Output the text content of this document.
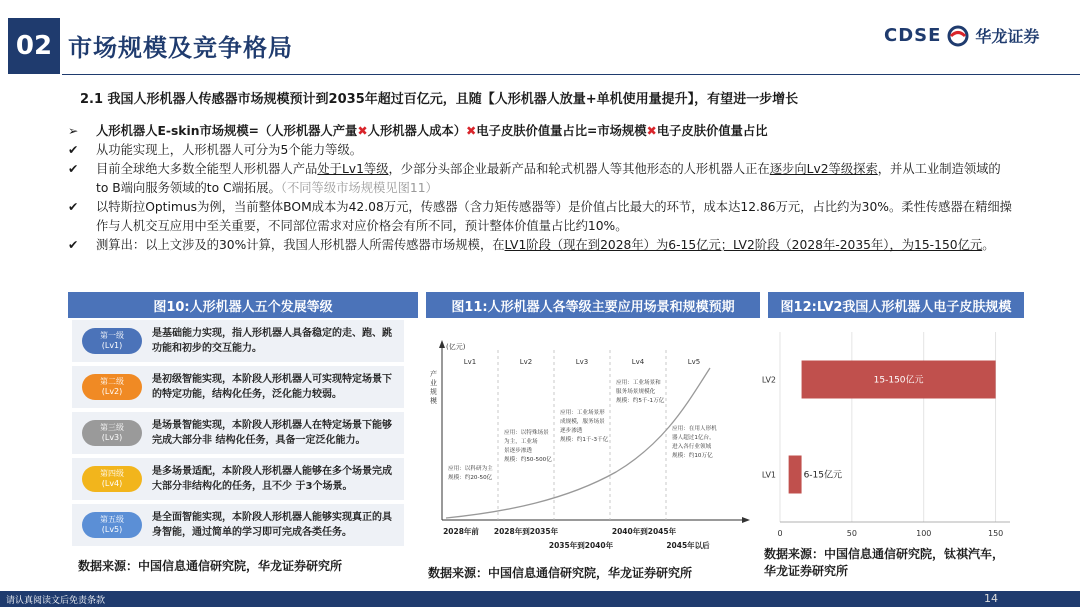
02 市场规模及竞争格局	CDSE 华龙证券
2.1 我国人形机器人传感器市场规模预计到2035年超过百亿元，且随【人形机器人放量+单机使用量提升】，有望进一步增长
➢	人形机器人E-skin市场规模=（人形机器人产量✖人形机器人成本）✖电子皮肤价值量占比=市场规模✖电子皮肤价值量占比
✔	从功能实现上，人形机器人可分为5个能力等级。
✔	目前全球绝大多数全能型人形机器人产品处于Lv1等级，少部分头部企业最新产品和轮式机器人等其他形态的人形机器人正在逐步向Lv2等级探索，并从工业制造领域的to B端向服务领域的to C端拓展。（不同等级市场规模见图11）
✔	以特斯拉Optimus为例，当前整体BOM成本为42.08万元，传感器（含力矩传感器等）是价值占比最大的环节，成本达12.86万元，占比约为30%。柔性传感器在精细操作与人机交互应用中至关重要，不同部位需求对应价格会有所不同，预计整体价值量占比约10%。
✔	测算出：以上文涉及的30%计算，我国人形机器人所需传感器市场规模，在LV1阶段（现在到2028年）为6-15亿元；LV2阶段（2028年-2035年），为15-150亿元。
图10:人形机器人五个发展等级
第一级
(Lv1)
是基础能力实现，指人形机器人具备稳定的走、跑、跳功能和初步的交互能力。
第二级
(Lv2)
是初级智能实现，本阶段人形机器人可实现特定场景下的特定功能，结构化任务，泛化能力较弱。
第三级
(Lv3)
是场景智能实现，本阶段人形机器人在特定场景下能够完成大部分非 结构化任务，具备一定泛化能力。
第四级
(Lv4)
是多场景适配，本阶段人形机器人能够在多个场景完成大部分非结构化的任务，且不少 于3个场景。
第五级
(Lv5)
是全面智能实现，本阶段人形机器人能够实现真正的具身智能，通过简单的学习即可完成各类任务。
数据来源：中国信息通信研究院，华龙证券研究所
图11:人形机器人各等级主要应用场景和规模预期
(亿元)
产
业
规
模
Lv1
应用：以科研为主
规模：约20-50亿
Lv2
应用：以特殊场景
为主，工业场
景逐步渗透
规模：约50-500亿
Lv3
应用：工业场景形
成规模，服务场景
逐步渗透
规模：约1千-3千亿
Lv4
应用：工业场景和
服务场景规模化
规模：约5千-1万亿
Lv5
应用：在用人形机
器人超过1亿台，
进入各行业领域
规模：约10万亿
2028年前 2028年到2035年	2040年到2045年
2035年到2040年	2045年以后
数据来源：中国信息通信研究院，华龙证券研究所
图12:LV2我国人形机器人电子皮肤规模
0	50	100	150
LV1	6-15亿元
LV2	15-150亿元
数据来源：中国信息通信研究院，钛祺汽车，
华龙证券研究所
请认真阅读文后免责条款	14
